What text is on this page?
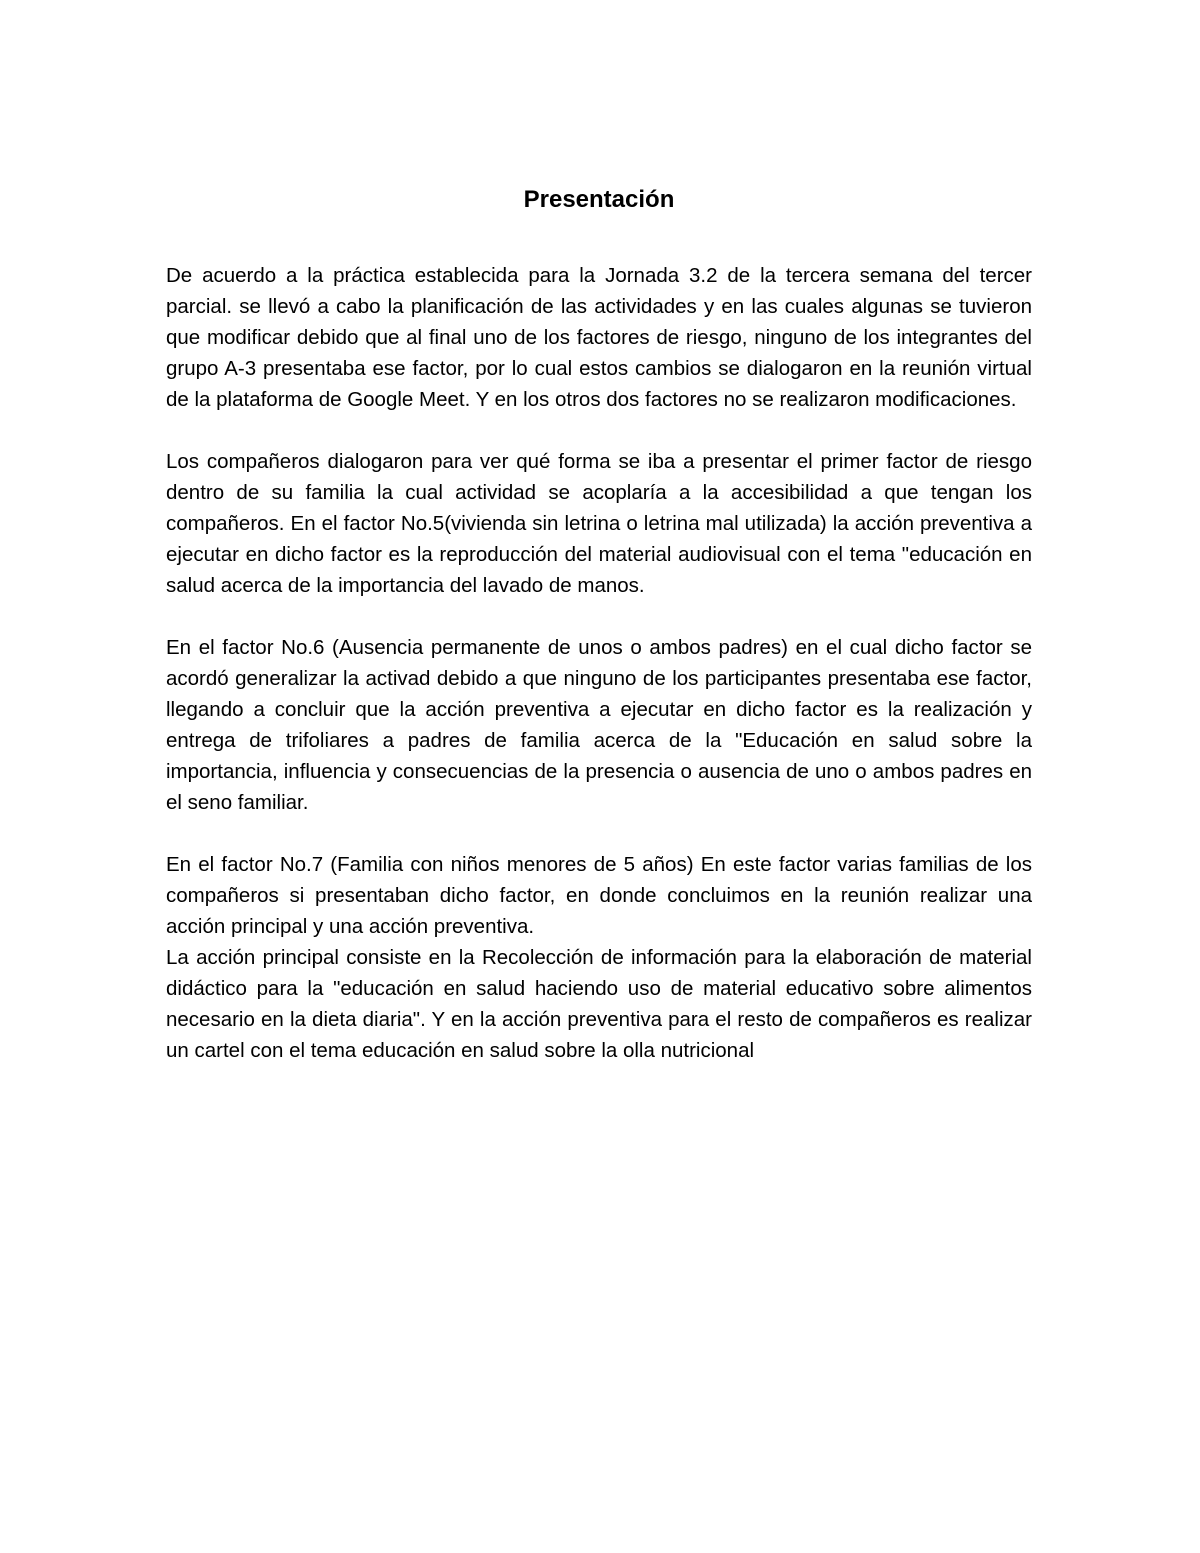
Presentación

De acuerdo a la práctica establecida para la Jornada 3.2 de la tercera semana del tercer parcial. se llevó a cabo la planificación de las actividades y en las cuales algunas se tuvieron que modificar debido que al final uno de los factores de riesgo, ninguno de los integrantes del grupo A-3 presentaba ese factor, por lo cual estos cambios se dialogaron en la reunión virtual de la plataforma de Google Meet. Y en los otros dos factores no se realizaron modificaciones.

Los compañeros dialogaron para ver qué forma se iba a presentar el primer factor de riesgo dentro de su familia la cual actividad se acoplaría a la accesibilidad a que tengan los compañeros. En el factor No.5(vivienda sin letrina o letrina mal utilizada) la acción preventiva a ejecutar en dicho factor es la reproducción del material audiovisual con el tema "educación en salud acerca de la importancia del lavado de manos.

En el factor No.6 (Ausencia permanente de unos o ambos padres) en el cual dicho factor se acordó generalizar la activad debido a que ninguno de los participantes presentaba ese factor, llegando a concluir que la acción preventiva a ejecutar en dicho factor es la realización y entrega de trifoliares a padres de familia acerca de la "Educación en salud sobre la importancia, influencia y consecuencias de la presencia o ausencia de uno o ambos padres en el seno familiar.

En el factor No.7 (Familia con niños menores de 5 años) En este factor varias familias de los compañeros si presentaban dicho factor, en donde concluimos en la reunión realizar una acción principal y una acción preventiva.

La acción principal consiste en la Recolección de información para la elaboración de material didáctico para la "educación en salud haciendo uso de material educativo sobre alimentos necesario en la dieta diaria". Y en la acción preventiva para el resto de compañeros es realizar un cartel con el tema educación en salud sobre la olla nutricional
